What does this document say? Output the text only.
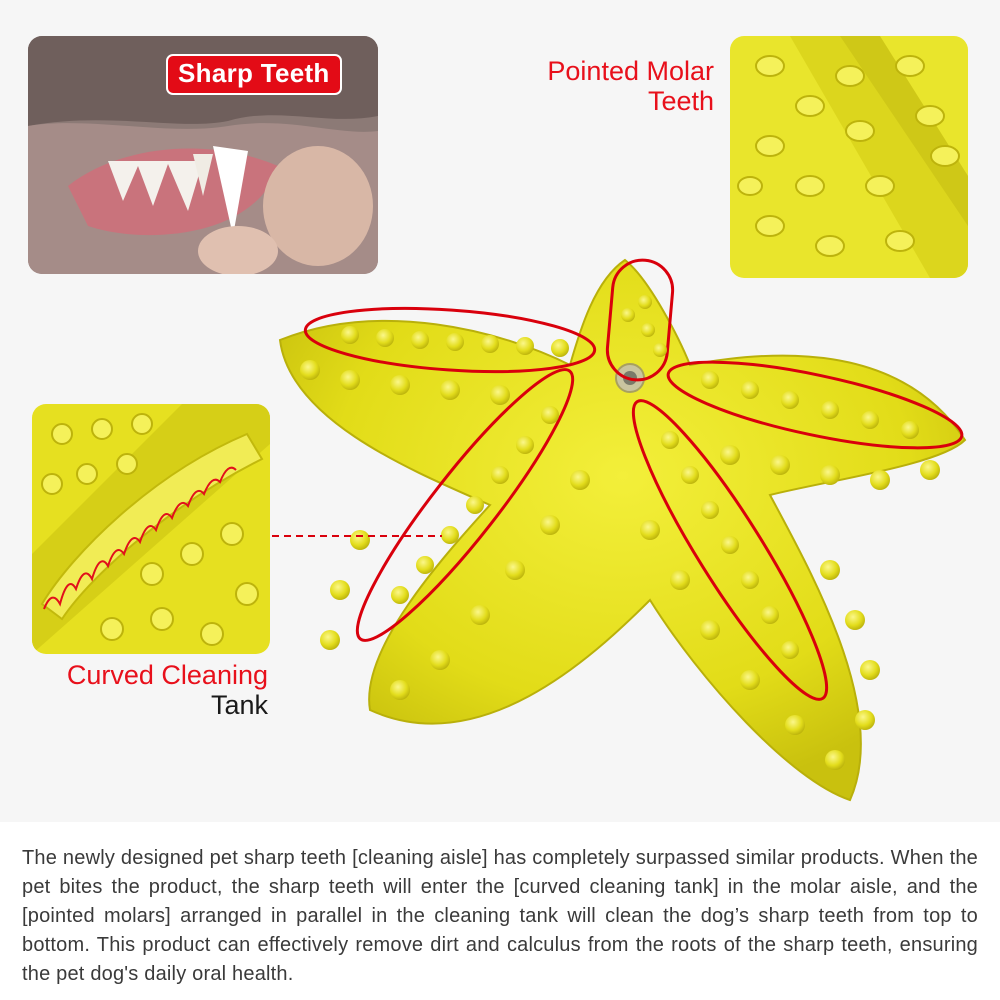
Sharp Teeth	Pointed Molar
Teeth
Curved Cleaning
Tank
The newly designed pet sharp teeth [cleaning aisle] has completely surpassed similar products. When the pet bites the product, the sharp teeth will enter the [curved cleaning tank] in the molar aisle, and the [pointed molars] arranged in parallel in the cleaning tank will clean the dog’s sharp teeth from top to bottom. This product can effectively remove dirt and calculus from the roots of the sharp teeth, ensuring the pet dog's daily oral health.
